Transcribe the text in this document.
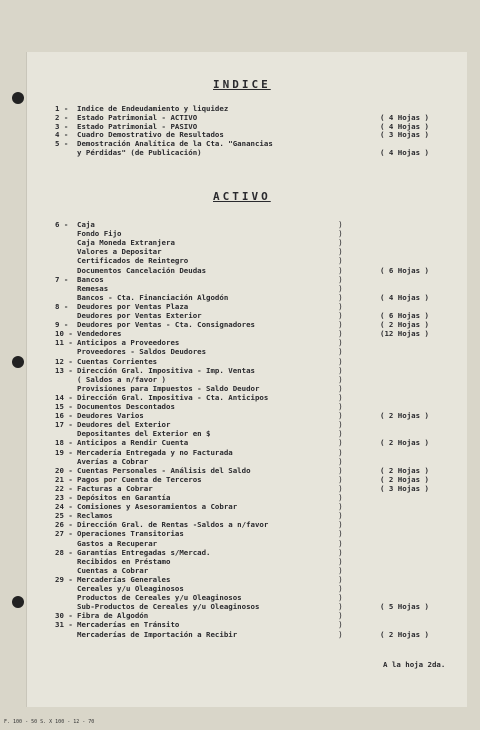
INDICE
1 - Indice de Endeudamiento y liquidez
2 - Estado Patrimonial - ACTIVO	( 4 Hojas )
3 - Estado Patrimonial - PASIVO	( 4 Hojas )
4 - Cuadro Demostrativo de Resultados	( 3 Hojas )
5 - Demostración Analítica de la Cta. "Ganancias
y Pérdidas" (de Publicación)	( 4 Hojas )
ACTIVO
6 - Caja	)
Fondo Fijo	)
Caja Moneda Extranjera	)
Valores a Depositar	)
Certificados de Reintegro	)
Documentos Cancelación Deudas	)	( 6 Hojas )
7 - Bancos	)
Remesas	)
Bancos - Cta. Financiación Algodón	)	( 4 Hojas )
8 - Deudores por Ventas Plaza	)
Deudores por Ventas Exterior	)	( 6 Hojas )
9 - Deudores por Ventas - Cta. Consignadores	)	( 2 Hojas )
10 - Vendedores	)	(12 Hojas )
11 - Anticipos a Proveedores	)
Proveedores - Saldos Deudores	)
12 - Cuentas Corrientes	)
13 - Dirección Gral. Impositiva - Imp. Ventas	)
( Saldos a n/favor )	)
Provisiones para Impuestos - Saldo Deudor	)
14 - Dirección Gral. Impositiva - Cta. Anticipos	)
15 - Documentos Descontados	)
16 - Deudores Varios	)	( 2 Hojas )
17 - Deudores del Exterior	)
Depositantes del Exterior en $	)
18 - Anticipos a Rendir Cuenta	)	( 2 Hojas )
19 - Mercadería Entregada y no Facturada	)
Averías a Cobrar	)
20 - Cuentas Personales - Análisis del Saldo	)	( 2 Hojas )
21 - Pagos por Cuenta de Terceros	)	( 2 Hojas )
22 - Facturas a Cobrar	)	( 3 Hojas )
23 - Depósitos en Garantía	)
24 - Comisiones y Asesoramientos a Cobrar	)
25 - Reclamos	)
26 - Dirección Gral. de Rentas -Saldos a n/favor	)
27 - Operaciones Transitorias	)
Gastos a Recuperar	)
28 - Garantías Entregadas s/Mercad.	)
Recibidos en Préstamo	)
Cuentas a Cobrar	)
29 - Mercaderías Generales	)
Cereales y/u Oleaginosos	)
Productos de Cereales y/u Oleaginosos	)
Sub-Productos de Cereales y/u Oleaginosos	)	( 5 Hojas )
30 - Fibra de Algodón	)
31 - Mercaderías en Tránsito	)
Mercaderías de Importación a Recibir	)	( 2 Hojas )
A la hoja 2da.
F. 100 - 50 S. X 100 - 12 - 70
